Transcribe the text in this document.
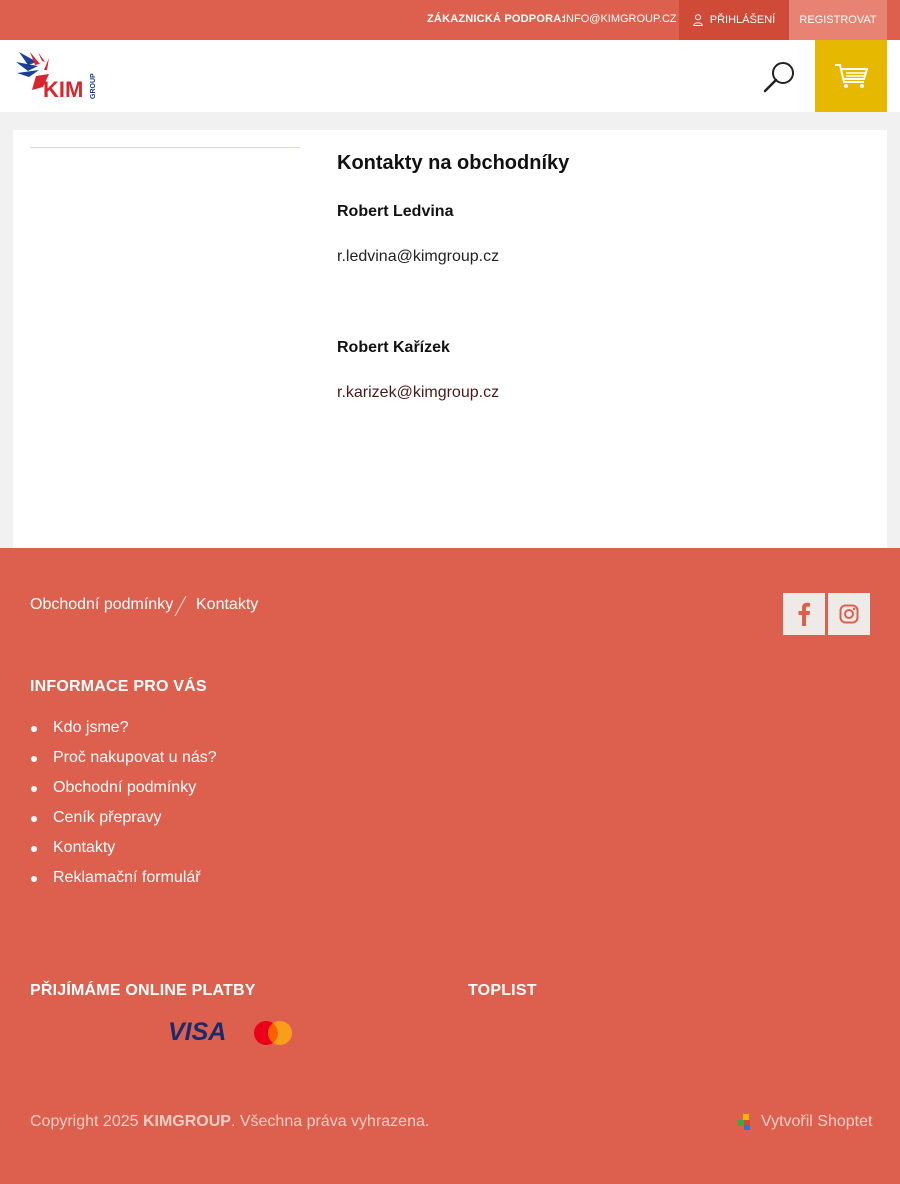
ZÁKAZNICKÁ PODPORA:
INFO@KIMGROUP.CZ	PŘIHLÁŠENÍ REGISTROVAT
KIM GROUP
Kontakty na obchodníky
Robert Ledvina
r.ledvina@kimgroup.cz
Robert Kařízek
r.karizek@kimgroup.cz
Obchodní podmínky Kontakty
INFORMACE PRO VÁS
Kdo jsme?
Proč nakupovat u nás?
Obchodní podmínky
Ceník přepravy
Kontakty
Reklamační formulář
PŘIJÍMÁME ONLINE PLATBY	TOPLIST
VISA
Copyright 2025 KIMGROUP. Všechna práva vyhrazena.	Vytvořil Shoptet
